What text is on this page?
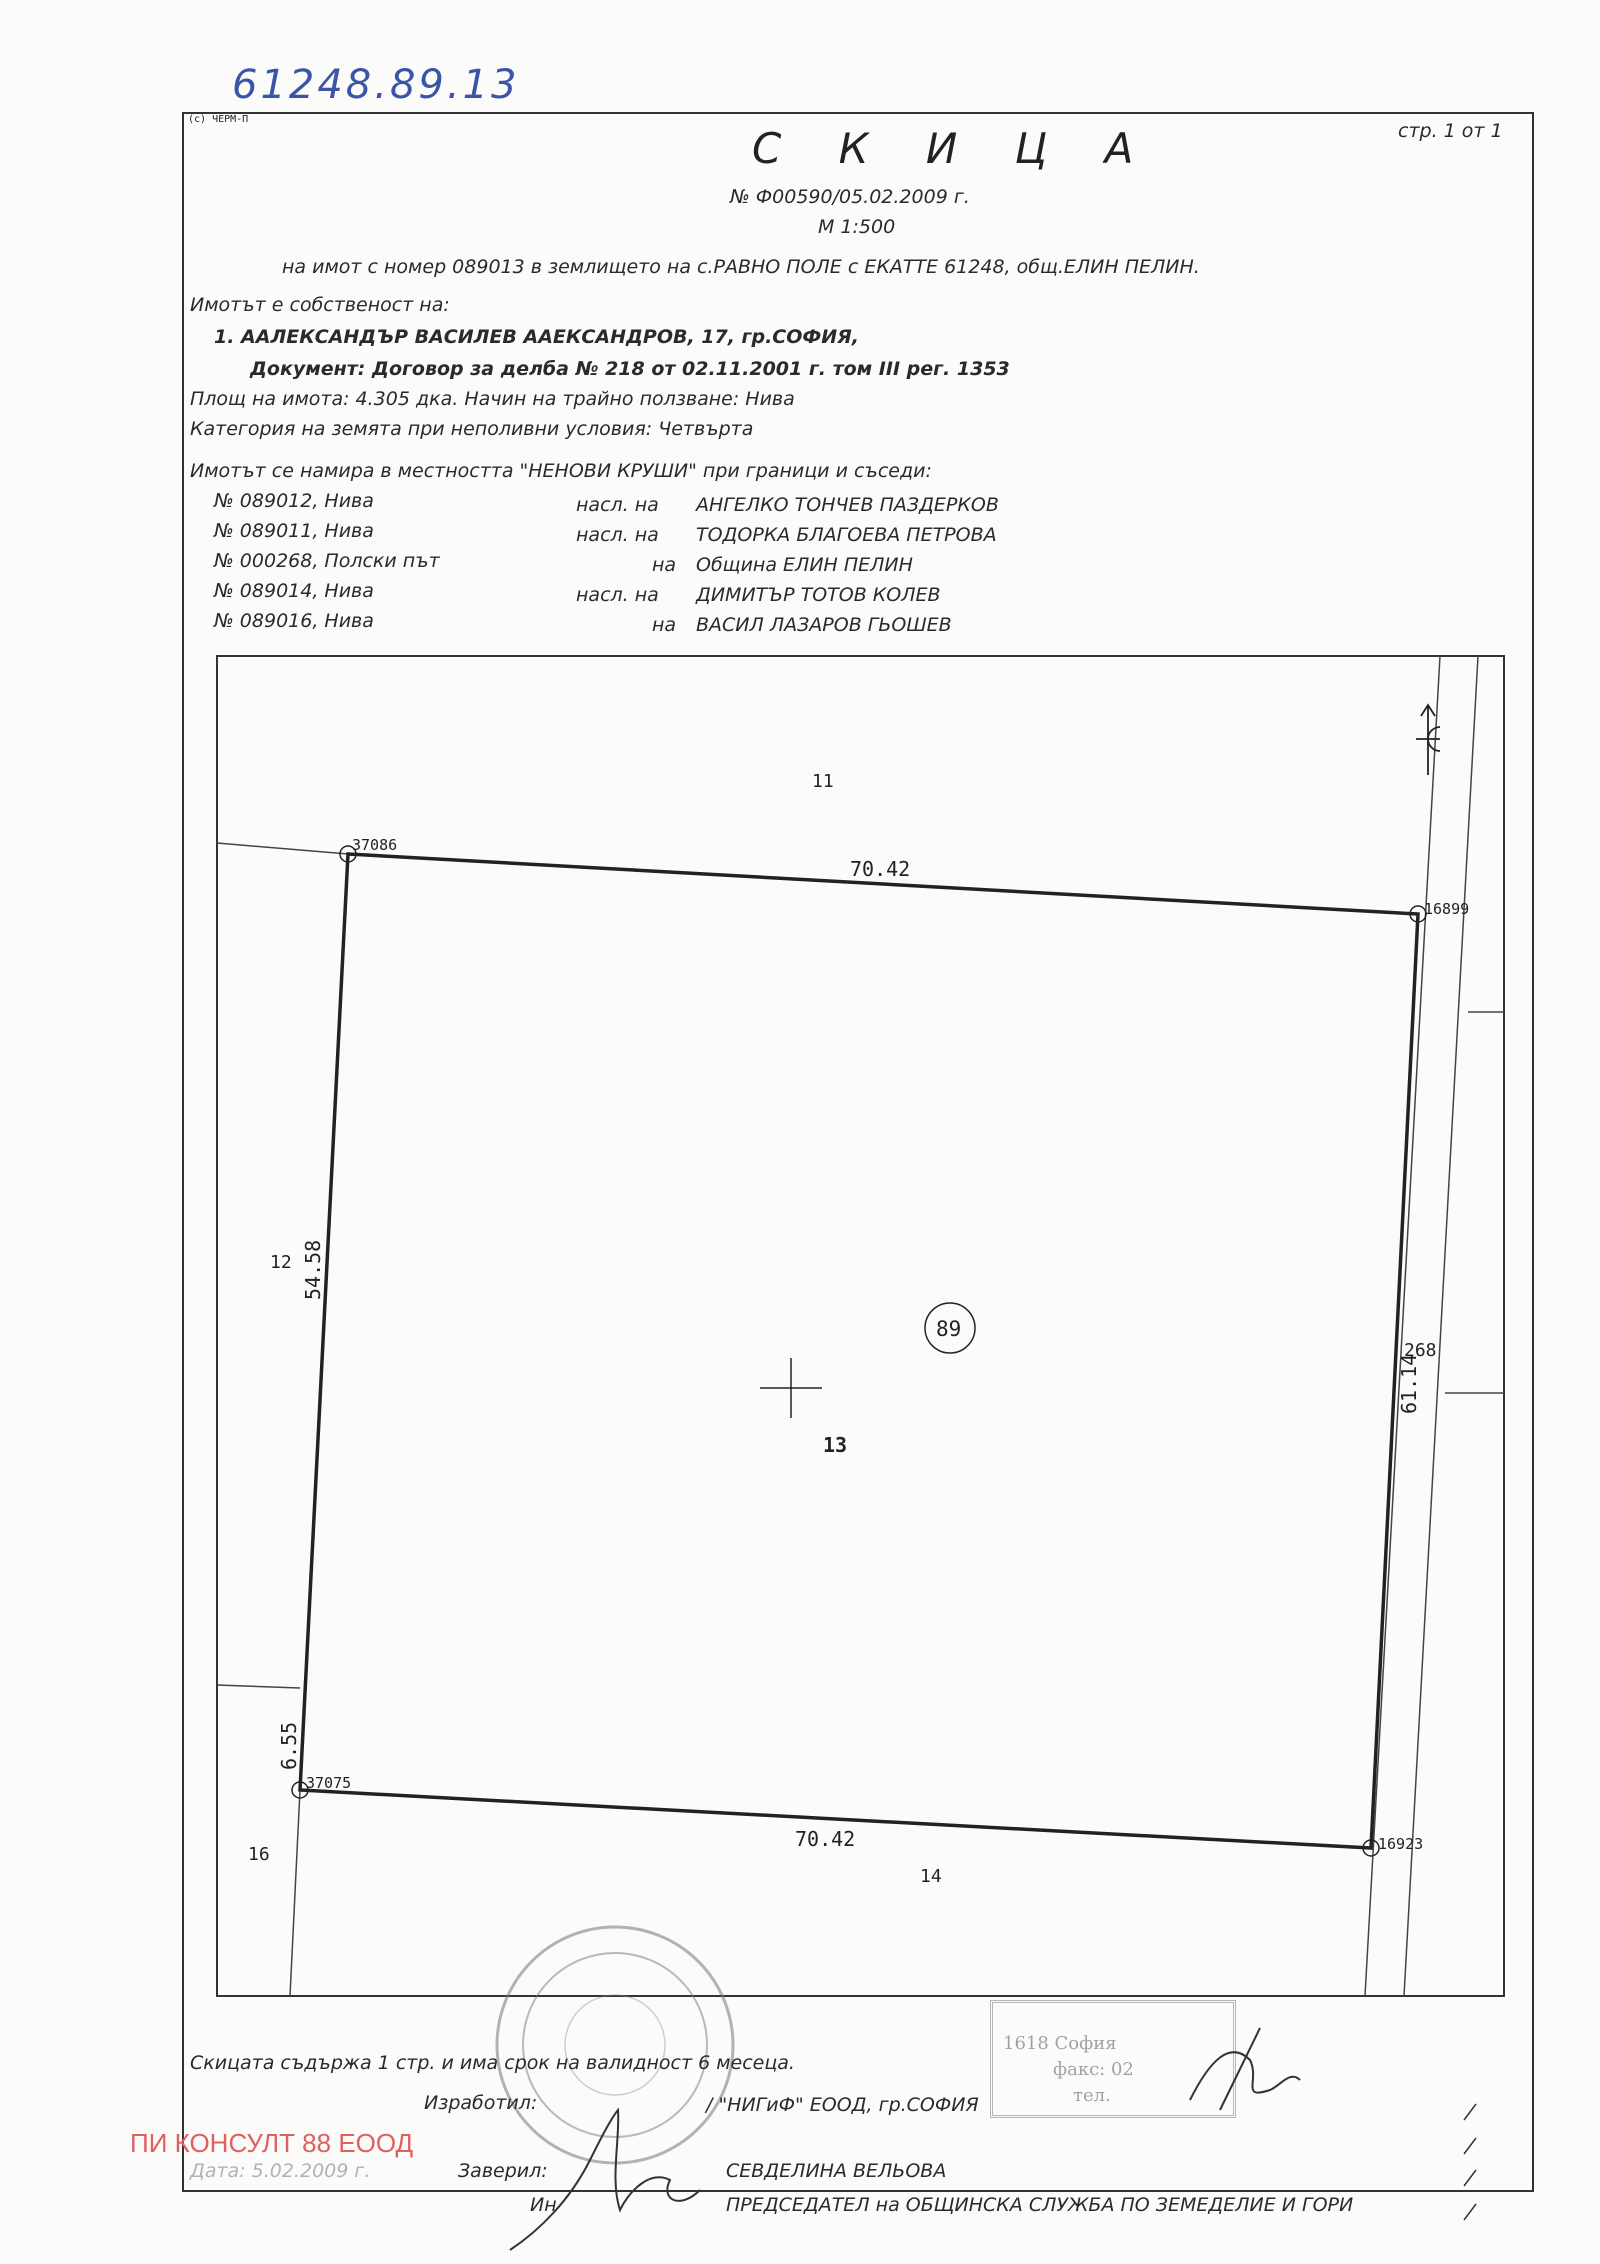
61248.89.13
(c) ЧЕРМ-П
стр. 1 от 1
С К И Ц А
№ Ф00590/05.02.2009 г.
М 1:500
на имот с номер 089013 в землището на с.РАВНО ПОЛЕ с ЕКАТТЕ 61248, общ.ЕЛИН ПЕЛИН.
Имотът е собственост на:
1. ААЛЕКСАНДЪР ВАСИЛЕВ ААЕКСАНДРОВ, 17, гр.СОФИЯ,
Документ: Договор за делба № 218 от 02.11.2001 г. том III рег. 1353
Площ на имота: 4.305 дка. Начин на трайно ползване: Нива
Категория на земята при неполивни условия: Четвърта
Имотът се намира в местността "НЕНОВИ КРУШИ" при граници и съседи:
№ 089012, Нива	насл. на АНГЕЛКО ТОНЧЕВ ПАЗДЕРКОВ
№ 089011, Нива	насл. на ТОДОРКА БЛАГОЕВА ПЕТРОВА
№ 000268, Полски път	на Община ЕЛИН ПЕЛИН
№ 089014, Нива	насл. на ДИМИТЪР ТОТОВ КОЛЕВ
№ 089016, Нива	на ВАСИЛ ЛАЗАРОВ ГЬОШЕВ
37086
16899
37075
16923
70.42
70.42
54.58
6.55
61.14
11
12
268
14
16
89
13
1618 София
факс: 02
тел.
Скицата съдържа 1 стр. и има срок на валидност 6 месеца.
Изработил:	/ "НИГиФ" ЕООД, гр.СОФИЯ
ПИ КОНСУЛТ 88 ЕООД
Дата: 5.02.2009 г.	Заверил:	СЕВДЕЛИНА ВЕЛЬОВА
Ин	ПРЕДСЕДАТЕЛ на ОБЩИНСКА СЛУЖБА ПО ЗЕМЕДЕЛИЕ И ГОРИ
